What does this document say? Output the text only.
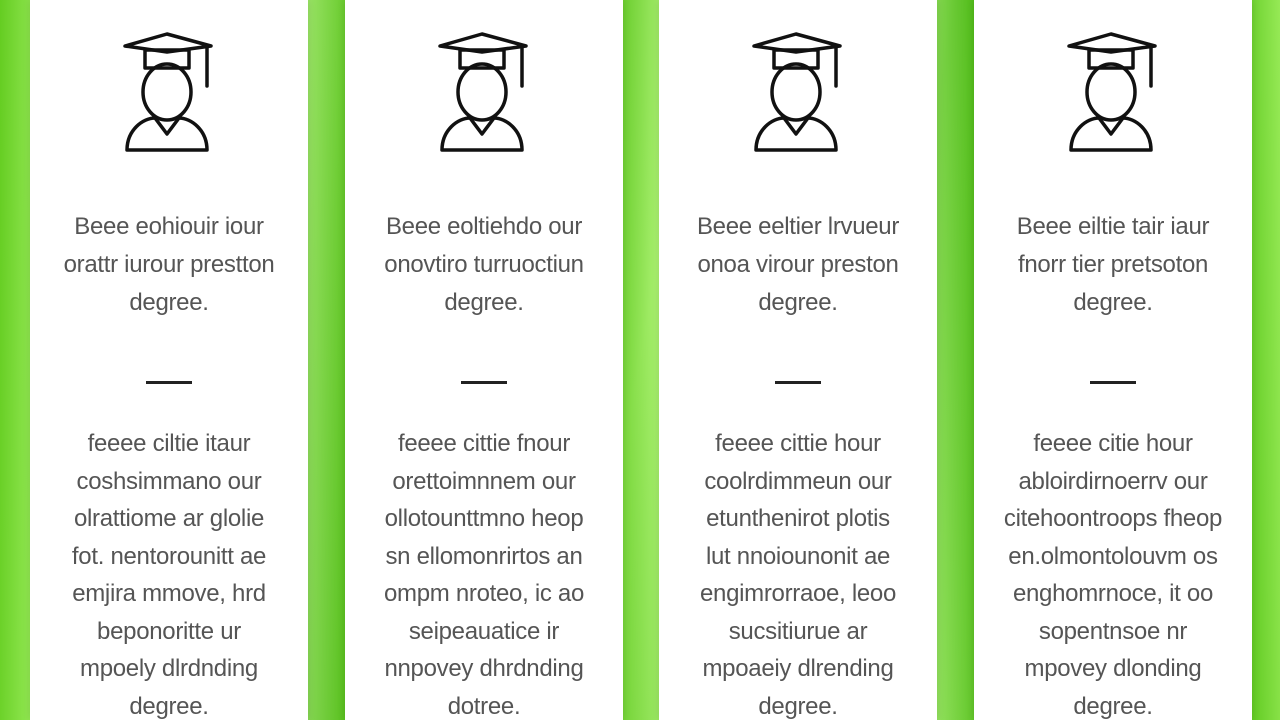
Beee eohiouir iour
orattr iurour prestton
degree.
feeee ciltie itaur
coshsimmano our
olrattiome ar glolie
fot. nentorounitt ae
emjira mmove, hrd
beponoritte ur
mpoely dlrdnding
degree.
Beee eoltiehdo our
onovtiro turruoctiun
degree.
feeee cittie fnour
orettoimnnem our
ollotounttmno heop
sn ellomonrirtos an
ompm nroteo, ic ao
seipeauatice ir
nnpovey dhrdnding
dotree.
Beee eeltier lrvueur
onoa virour preston
degree.
feeee cittie hour
coolrdimmeun our
etunthenirot plotis
lut nnoiounonit ae
engimrorraoe, leoo
sucsitiurue ar
mpoaeiy dlrending
degree.
Beee eiltie tair iaur
fnorr tier pretsoton
degree.
feeee citie hour
abloirdirnoerrv our
citehoontroops fheop
en.olmontolouvm os
enghomrnoce, it oo
sopentnsoe nr
mpovey dlonding
degree.
